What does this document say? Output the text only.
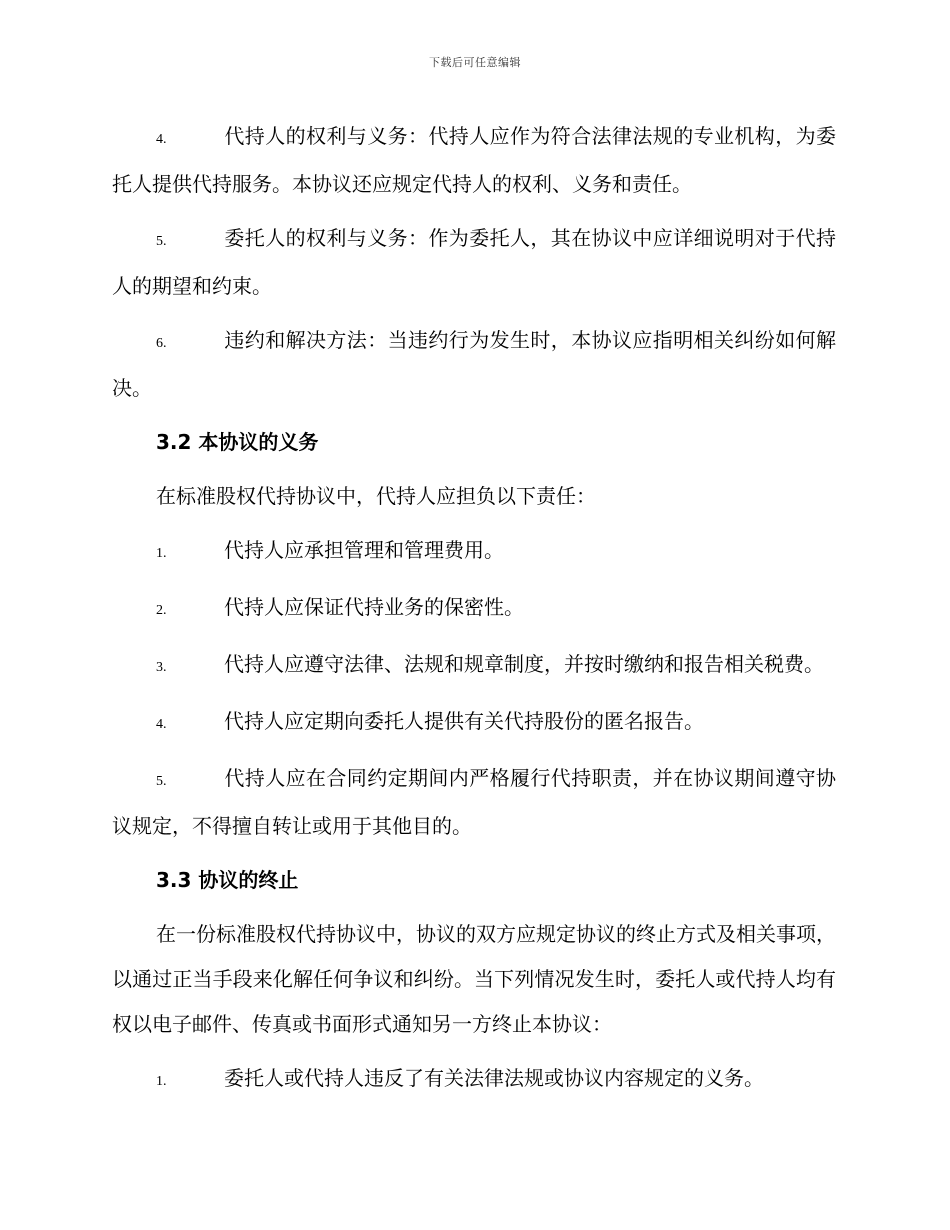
下载后可任意编辑

4.	代持人的权利与义务：代持人应作为符合法律法规的专业机构，为委托人提供代持服务。本协议还应规定代持人的权利、义务和责任。

5.	委托人的权利与义务：作为委托人，其在协议中应详细说明对于代持人的期望和约束。

6.	违约和解决方法：当违约行为发生时，本协议应指明相关纠纷如何解决。

3.2 本协议的义务

在标准股权代持协议中，代持人应担负以下责任：

1.	代持人应承担管理和管理费用。

2.	代持人应保证代持业务的保密性。

3.	代持人应遵守法律、法规和规章制度，并按时缴纳和报告相关税费。

4.	代持人应定期向委托人提供有关代持股份的匿名报告。

5.	代持人应在合同约定期间内严格履行代持职责，并在协议期间遵守协议规定，不得擅自转让或用于其他目的。

3.3 协议的终止

在一份标准股权代持协议中，协议的双方应规定协议的终止方式及相关事项，以通过正当手段来化解任何争议和纠纷。当下列情况发生时，委托人或代持人均有权以电子邮件、传真或书面形式通知另一方终止本协议：

1.	委托人或代持人违反了有关法律法规或协议内容规定的义务。
